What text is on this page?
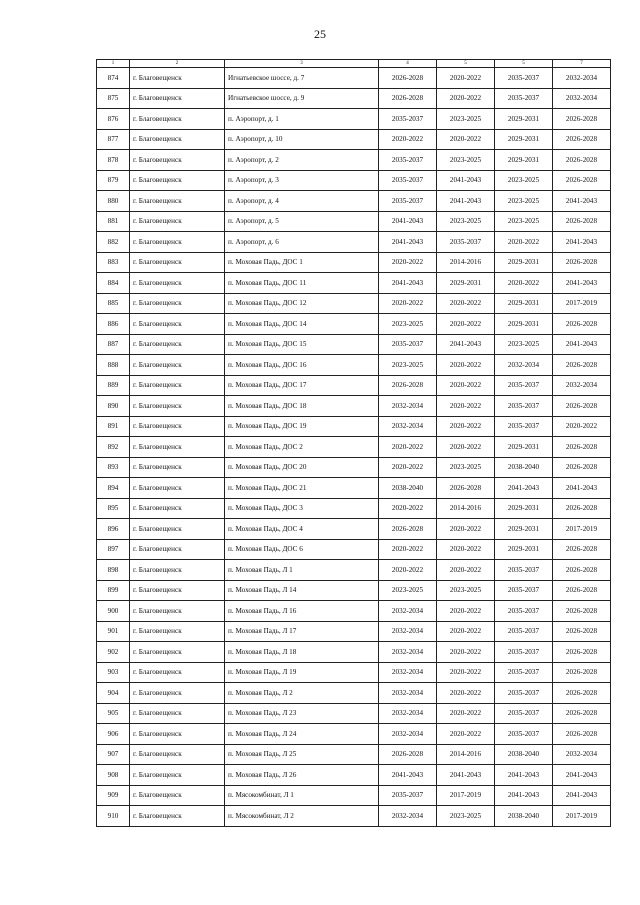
25
1	2	3	4	5	5	7
874	г. Благовещенск	Игнатьевское шоссе, д. 7	2026-2028	2020-2022	2035-2037	2032-2034
875	г. Благовещенск	Игнатьевское шоссе, д. 9	2026-2028	2020-2022	2035-2037	2032-2034
876	г. Благовещенск	п. Аэропорт, д. 1	2035-2037	2023-2025	2029-2031	2026-2028
877	г. Благовещенск	п. Аэропорт, д. 10	2020-2022	2020-2022	2029-2031	2026-2028
878	г. Благовещенск	п. Аэропорт, д. 2	2035-2037	2023-2025	2029-2031	2026-2028
879	г. Благовещенск	п. Аэропорт, д. 3	2035-2037	2041-2043	2023-2025	2026-2028
880	г. Благовещенск	п. Аэропорт, д. 4	2035-2037	2041-2043	2023-2025	2041-2043
881	г. Благовещенск	п. Аэропорт, д. 5	2041-2043	2023-2025	2023-2025	2026-2028
882	г. Благовещенск	п. Аэропорт, д. 6	2041-2043	2035-2037	2020-2022	2041-2043
883	г. Благовещенск	п. Моховая Падь, ДОС 1	2020-2022	2014-2016	2029-2031	2026-2028
884	г. Благовещенск	п. Моховая Падь, ДОС 11	2041-2043	2029-2031	2020-2022	2041-2043
885	г. Благовещенск	п. Моховая Падь, ДОС 12	2020-2022	2020-2022	2029-2031	2017-2019
886	г. Благовещенск	п. Моховая Падь, ДОС 14	2023-2025	2020-2022	2029-2031	2026-2028
887	г. Благовещенск	п. Моховая Падь, ДОС 15	2035-2037	2041-2043	2023-2025	2041-2043
888	г. Благовещенск	п. Моховая Падь, ДОС 16	2023-2025	2020-2022	2032-2034	2026-2028
889	г. Благовещенск	п. Моховая Падь, ДОС 17	2026-2028	2020-2022	2035-2037	2032-2034
890	г. Благовещенск	п. Моховая Падь, ДОС 18	2032-2034	2020-2022	2035-2037	2026-2028
891	г. Благовещенск	п. Моховая Падь, ДОС 19	2032-2034	2020-2022	2035-2037	2020-2022
892	г. Благовещенск	п. Моховая Падь, ДОС 2	2020-2022	2020-2022	2029-2031	2026-2028
893	г. Благовещенск	п. Моховая Падь, ДОС 20	2020-2022	2023-2025	2038-2040	2026-2028
894	г. Благовещенск	п. Моховая Падь, ДОС 21	2038-2040	2026-2028	2041-2043	2041-2043
895	г. Благовещенск	п. Моховая Падь, ДОС 3	2020-2022	2014-2016	2029-2031	2026-2028
896	г. Благовещенск	п. Моховая Падь, ДОС 4	2026-2028	2020-2022	2029-2031	2017-2019
897	г. Благовещенск	п. Моховая Падь, ДОС 6	2020-2022	2020-2022	2029-2031	2026-2028
898	г. Благовещенск	п. Моховая Падь, Л 1	2020-2022	2020-2022	2035-2037	2026-2028
899	г. Благовещенск	п. Моховая Падь, Л 14	2023-2025	2023-2025	2035-2037	2026-2028
900	г. Благовещенск	п. Моховая Падь, Л 16	2032-2034	2020-2022	2035-2037	2026-2028
901	г. Благовещенск	п. Моховая Падь, Л 17	2032-2034	2020-2022	2035-2037	2026-2028
902	г. Благовещенск	п. Моховая Падь, Л 18	2032-2034	2020-2022	2035-2037	2026-2028
903	г. Благовещенск	п. Моховая Падь, Л 19	2032-2034	2020-2022	2035-2037	2026-2028
904	г. Благовещенск	п. Моховая Падь, Л 2	2032-2034	2020-2022	2035-2037	2026-2028
905	г. Благовещенск	п. Моховая Падь, Л 23	2032-2034	2020-2022	2035-2037	2026-2028
906	г. Благовещенск	п. Моховая Падь, Л 24	2032-2034	2020-2022	2035-2037	2026-2028
907	г. Благовещенск	п. Моховая Падь, Л 25	2026-2028	2014-2016	2038-2040	2032-2034
908	г. Благовещенск	п. Моховая Падь, Л 26	2041-2043	2041-2043	2041-2043	2041-2043
909	г. Благовещенск	п. Мясокомбинат, Л 1	2035-2037	2017-2019	2041-2043	2041-2043
910	г. Благовещенск	п. Мясокомбинат, Л 2	2032-2034	2023-2025	2038-2040	2017-2019
